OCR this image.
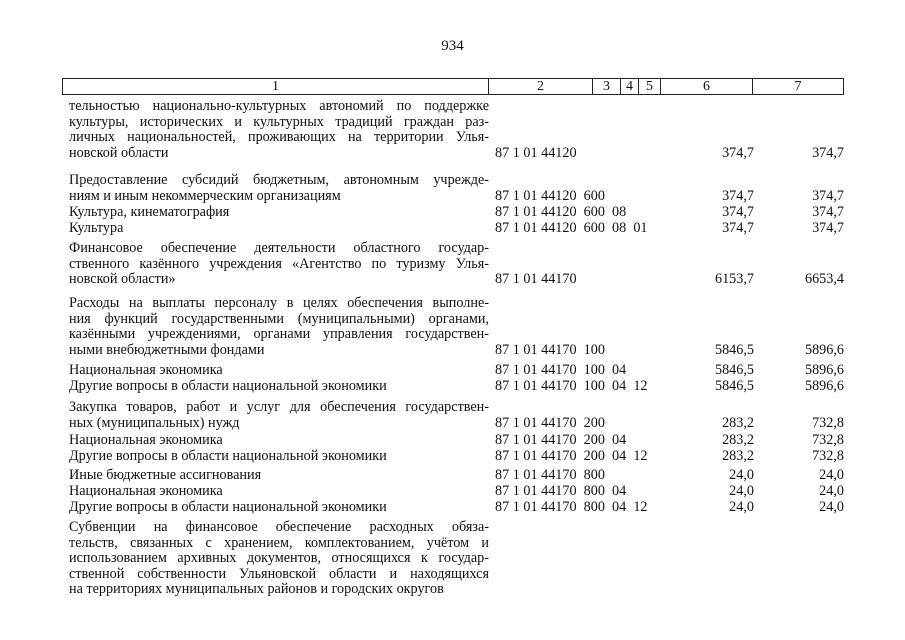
934
1	2	3	4 5	6	7
тельностью национально-культурных автономий по поддержке
культуры, исторических и культурных традиций граждан раз-
личных национальностей, проживающих на территории Улья-
новской области	87 1 01 44120	374,7	374,7
Предоставление субсидий бюджетным, автономным учрежде-
ниям и иным некоммерческим организациям	87 1 01 44120  600	374,7	374,7
Культура, кинематография	87 1 01 44120  600  08	374,7	374,7
Культура	87 1 01 44120  600  08  01	374,7	374,7
Финансовое обеспечение деятельности областного государ-
ственного казённого учреждения «Агентство по туризму Улья-
новской области»	87 1 01 44170	6153,7	6653,4
Расходы на выплаты персоналу в целях обеспечения выполне-
ния функций государственными (муниципальными) органами,
казёнными учреждениями, органами управления государствен-
ными внебюджетными фондами	87 1 01 44170  100	5846,5	5896,6
Национальная экономика	87 1 01 44170  100  04	5846,5	5896,6
Другие вопросы в области национальной экономики	87 1 01 44170  100  04  12	5846,5	5896,6
Закупка товаров, работ и услуг для обеспечения государствен-
ных (муниципальных) нужд	87 1 01 44170  200	283,2	732,8
Национальная экономика	87 1 01 44170  200  04	283,2	732,8
Другие вопросы в области национальной экономики	87 1 01 44170  200  04  12	283,2	732,8
Иные бюджетные ассигнования	87 1 01 44170  800	24,0	24,0
Национальная экономика	87 1 01 44170  800  04	24,0	24,0
Другие вопросы в области национальной экономики	87 1 01 44170  800  04  12	24,0	24,0
Субвенции на финансовое обеспечение расходных обяза-
тельств, связанных с хранением, комплектованием, учётом и
использованием архивных документов, относящихся к государ-
ственной собственности Ульяновской области и находящихся
на территориях муниципальных районов и городских округов
